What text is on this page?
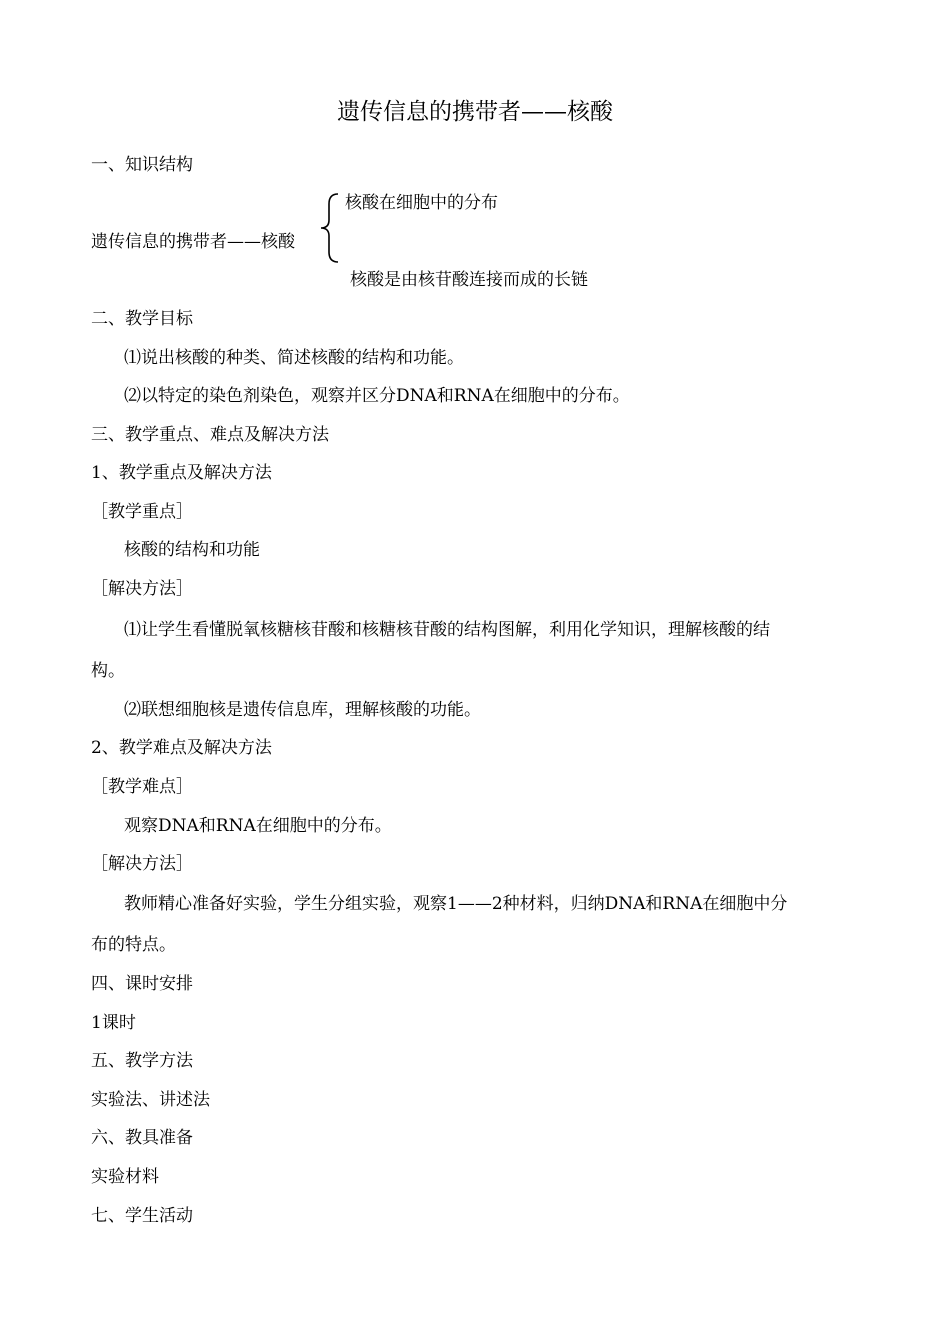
遗传信息的携带者——核酸
一、知识结构
核酸在细胞中的分布
遗传信息的携带者——核酸
核酸是由核苷酸连接而成的长链
二、教学目标
⑴说出核酸的种类、简述核酸的结构和功能。
⑵以特定的染色剂染色，观察并区分DNA和RNA在细胞中的分布。
三、教学重点、难点及解决方法
1、教学重点及解决方法
［教学重点］
核酸的结构和功能
［解决方法］
⑴让学生看懂脱氧核糖核苷酸和核糖核苷酸的结构图解，利用化学知识，理解核酸的结
构。
⑵联想细胞核是遗传信息库，理解核酸的功能。
2、教学难点及解决方法
［教学难点］
观察DNA和RNA在细胞中的分布。
［解决方法］
教师精心准备好实验，学生分组实验，观察1——2种材料，归纳DNA和RNA在细胞中分
布的特点。
四、课时安排
1课时
五、教学方法
实验法、讲述法
六、教具准备
实验材料
七、学生活动
